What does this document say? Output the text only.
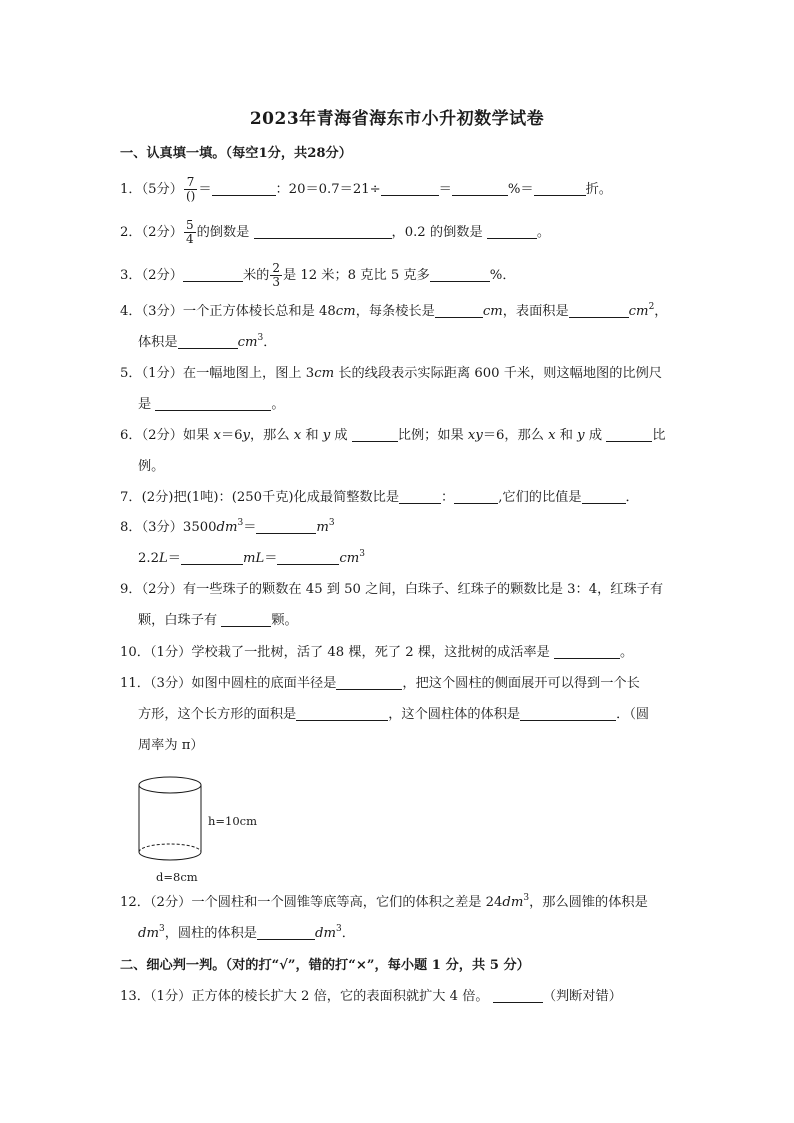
2023年青海省海东市小升初数学试卷
一、认真填一填。（每空1分，共28分）
1．（5分） $\frac{7}{()}$ ＝	：20＝0.7＝21÷	＝	%＝	折。
2．（2分） $\frac{5}{4}$ 的倒数是	，0.2 的倒数是	。
3．（2分）	米的 $\frac{2}{3}$ 是 12 米；8 克比 5 克多	%．
4．（3分）一个正方体棱长总和是 48cm，每条棱长是	cm，表面积是	$cm^2$，
体积是	$cm^3$．
5．（1分）在一幅地图上，图上 3cm 长的线段表示实际距离 600 千米，则这幅地图的比例尺
是	。
6．（2分）如果 x＝6y，那么 x 和 y 成	比例；如果 xy＝6，那么 x 和 y 成	比
例。
7．(2分)把(1吨)：(250千克)化成最简整数比是	：	,它们的比值是	．
8．（3分）$3500dm^3=$	$m^3$
2.2L＝	mL＝	$cm^3$
9．（2分）有一些珠子的颗数在 45 到 50 之间，白珠子、红珠子的颗数比是 3：4，红珠子有
颗，白珠子有	颗。
10．（1分）学校栽了一批树，活了 48 棵，死了 2 棵，这批树的成活率是	。
11．（3分）如图中圆柱的底面半径是	，把这个圆柱的侧面展开可以得到一个长
方形，这个长方形的面积是	，这个圆柱体的体积是	．（圆
周率为 π）
h=10cm
d=8cm
12．（2分）一个圆柱和一个圆锥等底等高，它们的体积之差是 $24dm^3$，那么圆锥的体积是
$dm^3$，圆柱的体积是	$dm^3$．
二、细心判一判。（对的打“√”，错的打“×”，每小题 1 分，共 5 分）
13．（1分）正方体的棱长扩大 2 倍，它的表面积就扩大 4 倍。	（判断对错）
